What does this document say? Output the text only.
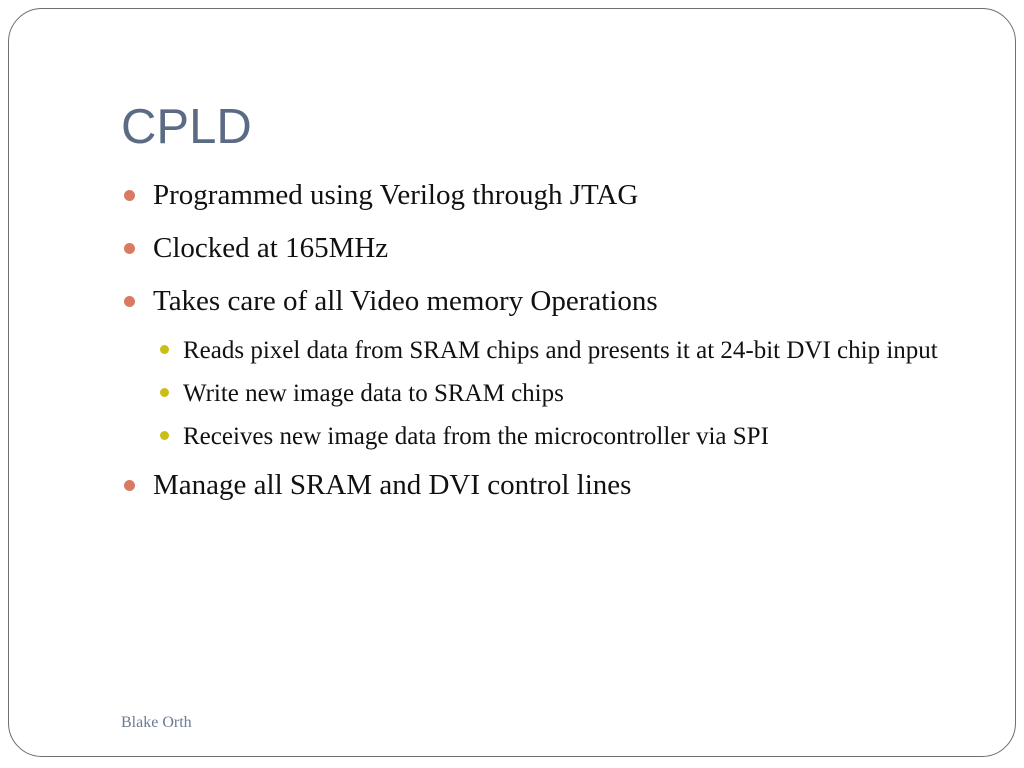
CPLD
Programmed using Verilog through JTAG
Clocked at 165MHz
Takes care of all Video memory Operations
Reads pixel data from SRAM chips and presents it at 24-bit DVI chip input
Write new image data to SRAM chips
Receives new image data from the microcontroller via SPI
Manage all SRAM and DVI control lines
Blake Orth
